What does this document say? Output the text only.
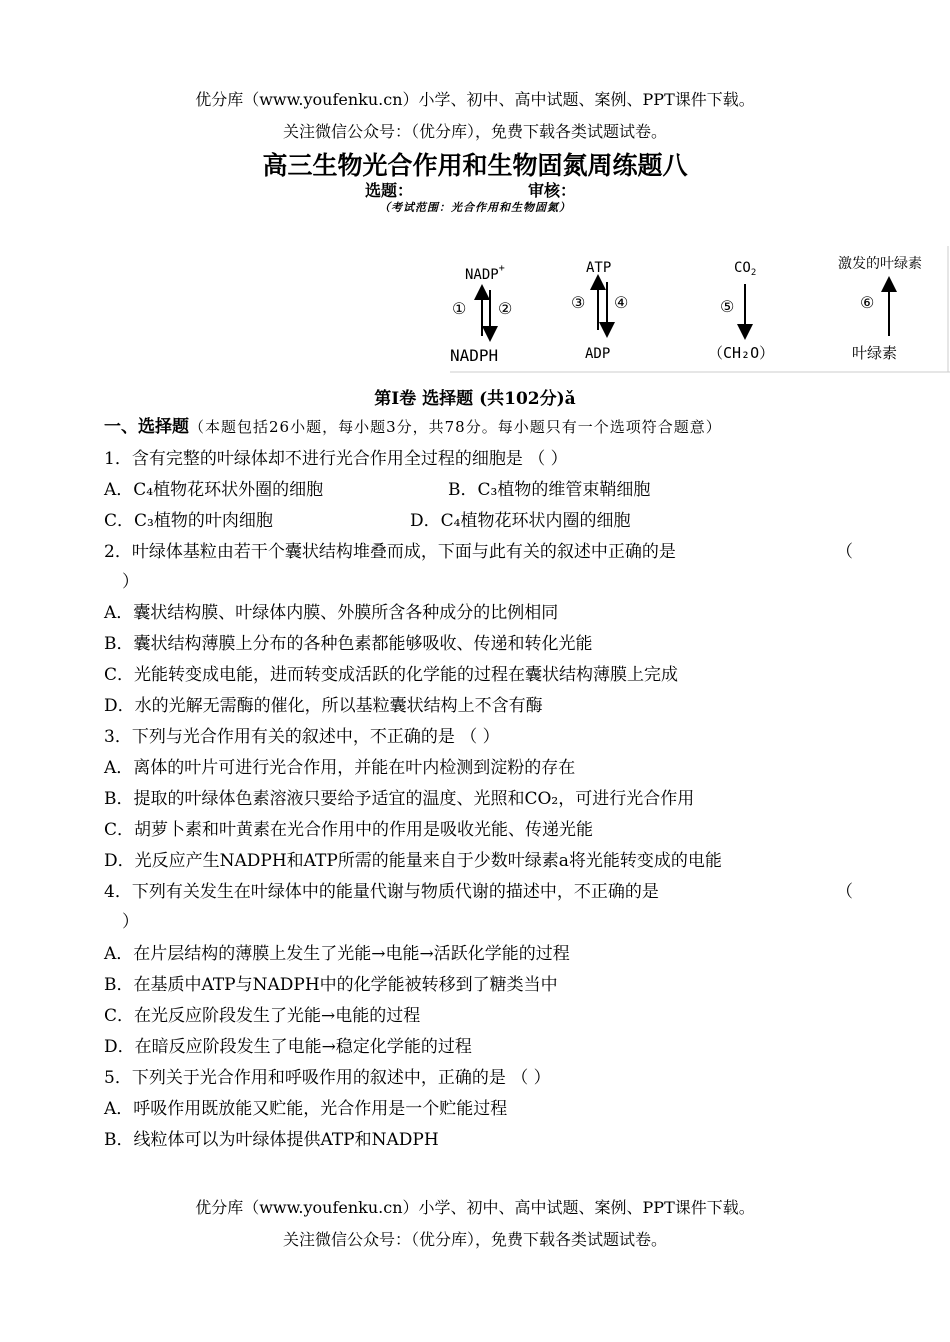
优分库（www.youfenku.cn）小学、初中、高中试题、案例、PPT课件下载。
关注微信公众号：（优分库），免费下载各类试题试卷。
高三生物光合作用和生物固氮周练题八
选题：	审核：
（考试范围：光合作用和生物固氮）
NADP+
① ②
NADPH
ATP
③ ④
ADP
$CO_2$
⑤
（CH₂O）
激发的叶绿素
⑥
叶绿素
第Ⅰ卷 选择题 (共102分)ǎ
一、选择题（本题包括26小题，每小题3分，共78分。每小题只有一个选项符合题意）
1．含有完整的叶绿体却不进行光合作用全过程的细胞是 （ ）
A．C₄植物花环状外圈的细胞	B．C₃植物的维管束鞘细胞
C．C₃植物的叶肉细胞	D．C₄植物花环状内圈的细胞
2．叶绿体基粒由若干个囊状结构堆叠而成，下面与此有关的叙述中正确的是	（
）
A．囊状结构膜、叶绿体内膜、外膜所含各种成分的比例相同
B．囊状结构薄膜上分布的各种色素都能够吸收、传递和转化光能
C．光能转变成电能，进而转变成活跃的化学能的过程在囊状结构薄膜上完成
D．水的光解无需酶的催化，所以基粒囊状结构上不含有酶
3．下列与光合作用有关的叙述中，不正确的是 （ ）
A．离体的叶片可进行光合作用，并能在叶内检测到淀粉的存在
B．提取的叶绿体色素溶液只要给予适宜的温度、光照和CO₂，可进行光合作用
C．胡萝卜素和叶黄素在光合作用中的作用是吸收光能、传递光能
D．光反应产生NADPH和ATP所需的能量来自于少数叶绿素a将光能转变成的电能
4．下列有关发生在叶绿体中的能量代谢与物质代谢的描述中，不正确的是	（
）
A．在片层结构的薄膜上发生了光能→电能→活跃化学能的过程
B．在基质中ATP与NADPH中的化学能被转移到了糖类当中
C．在光反应阶段发生了光能→电能的过程
D．在暗反应阶段发生了电能→稳定化学能的过程
5．下列关于光合作用和呼吸作用的叙述中，正确的是 （ ）
A．呼吸作用既放能又贮能，光合作用是一个贮能过程
B．线粒体可以为叶绿体提供ATP和NADPH
优分库（www.youfenku.cn）小学、初中、高中试题、案例、PPT课件下载。
关注微信公众号：（优分库），免费下载各类试题试卷。
